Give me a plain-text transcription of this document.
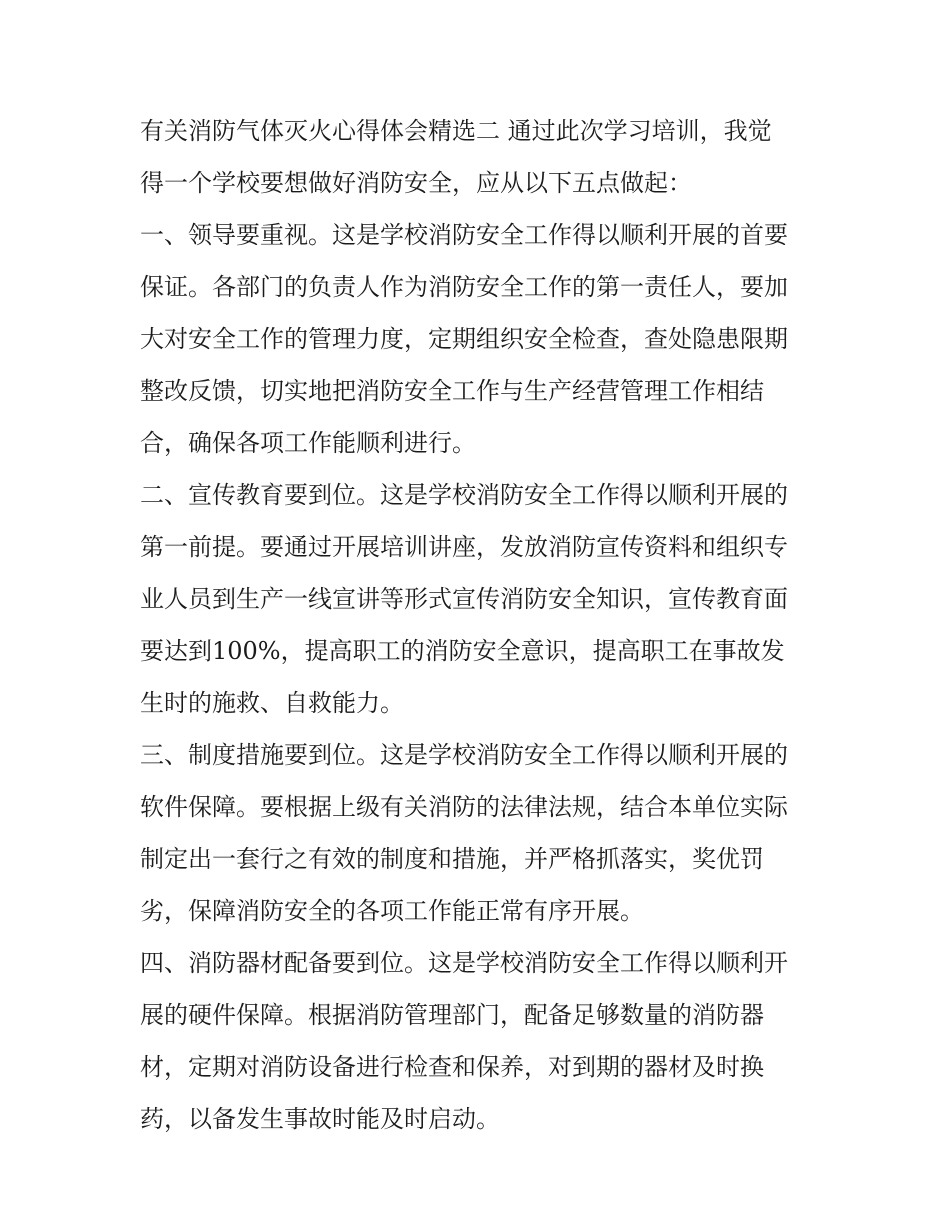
有关消防气体灭火心得体会精选二 通过此次学习培训，我觉
得一个学校要想做好消防安全，应从以下五点做起：
一、领导要重视。这是学校消防安全工作得以顺利开展的首要
保证。各部门的负责人作为消防安全工作的第一责任人，要加
大对安全工作的管理力度，定期组织安全检查，查处隐患限期
整改反馈，切实地把消防安全工作与生产经营管理工作相结
合，确保各项工作能顺利进行。
二、宣传教育要到位。这是学校消防安全工作得以顺利开展的
第一前提。要通过开展培训讲座，发放消防宣传资料和组织专
业人员到生产一线宣讲等形式宣传消防安全知识，宣传教育面
要达到100%，提高职工的消防安全意识，提高职工在事故发
生时的施救、自救能力。
三、制度措施要到位。这是学校消防安全工作得以顺利开展的
软件保障。要根据上级有关消防的法律法规，结合本单位实际
制定出一套行之有效的制度和措施，并严格抓落实，奖优罚
劣，保障消防安全的各项工作能正常有序开展。
四、消防器材配备要到位。这是学校消防安全工作得以顺利开
展的硬件保障。根据消防管理部门，配备足够数量的消防器
材，定期对消防设备进行检查和保养，对到期的器材及时换
药，以备发生事故时能及时启动。
